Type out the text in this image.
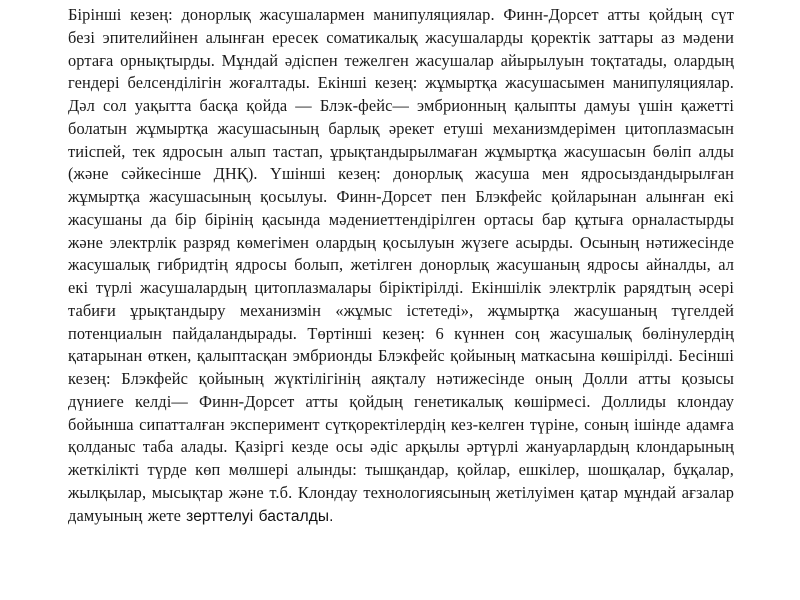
Бірінші кезең: донорлық жасушалармен манипуляциялар. Финн-Дорсет атты қойдың сүт безі эпителийінен алынған ересек соматикалық жасушаларды қоректік заттары аз мәдени ортаға орнықтырды. Мұндай әдіспен тежелген жасушалар айырылуын тоқтатады, олардың гендері белсенділігін жоғалтады. Екінші кезең: жұмыртқа жасушасымен манипуляциялар. Дәл сол уақытта басқа қойда — Блэк-фейс— эмбрионның қалыпты дамуы үшін қажетті болатын жұмыртқа жасушасының барлық әрекет етуші механизмдерімен цитоплазмасын тиіспей, тек ядросын алып тастап, ұрықтандырылмаған жұмыртқа жасушасын бөліп алды (және сәйкесінше ДНҚ). Үшінші кезең: донорлық жасуша мен ядросыздандырылған жұмыртқа жасушасының қосылуы. Финн-Дорсет пен Блэкфейс қойларынан алынған екі жасушаны да бір бірінің қасында мәдениеттендірілген ортасы бар құтыға орналастырды және электрлік разряд көмегімен олардың қосылуын жүзеге асырды. Осының нәтижесінде жасушалық гибридтің ядросы болып, жетілген донорлық жасушаның ядросы айналды, ал екі түрлі жасушалардың цитоплазмалары біріктірілді. Екіншілік электрлік рарядтың әсері табиғи ұрықтандыру механизмін «жұмыс істетеді», жұмыртқа жасушаның түгелдей потенциалын пайдаландырады. Төртінші кезең: 6 күннен соң жасушалық бөлінулердің қатарынан өткен, қалыптасқан эмбрионды Блэкфейс қойының маткасына көшірілді. Бесінші кезең: Блэкфейс қойының жүктілігінің аяқталу нәтижесінде оның Долли атты қозысы дүниеге келді— Финн-Дорсет атты қойдың генетикалық көшірмесі. Доллиды клондау бойынша сипатталған эксперимент сүтқоректілердің кез-келген түріне, соның ішінде адамға қолданыс таба алады. Қазіргі кезде осы әдіс арқылы әртүрлі жануарлардың клондарының жеткілікті түрде көп мөлшері алынды: тышқандар, қойлар, ешкілер, шошқалар, бұқалар, жылқылар, мысықтар және т.б. Клондау технологиясының жетілуімен қатар мұндай ағзалар дамуының жете зерттелуі басталды.
